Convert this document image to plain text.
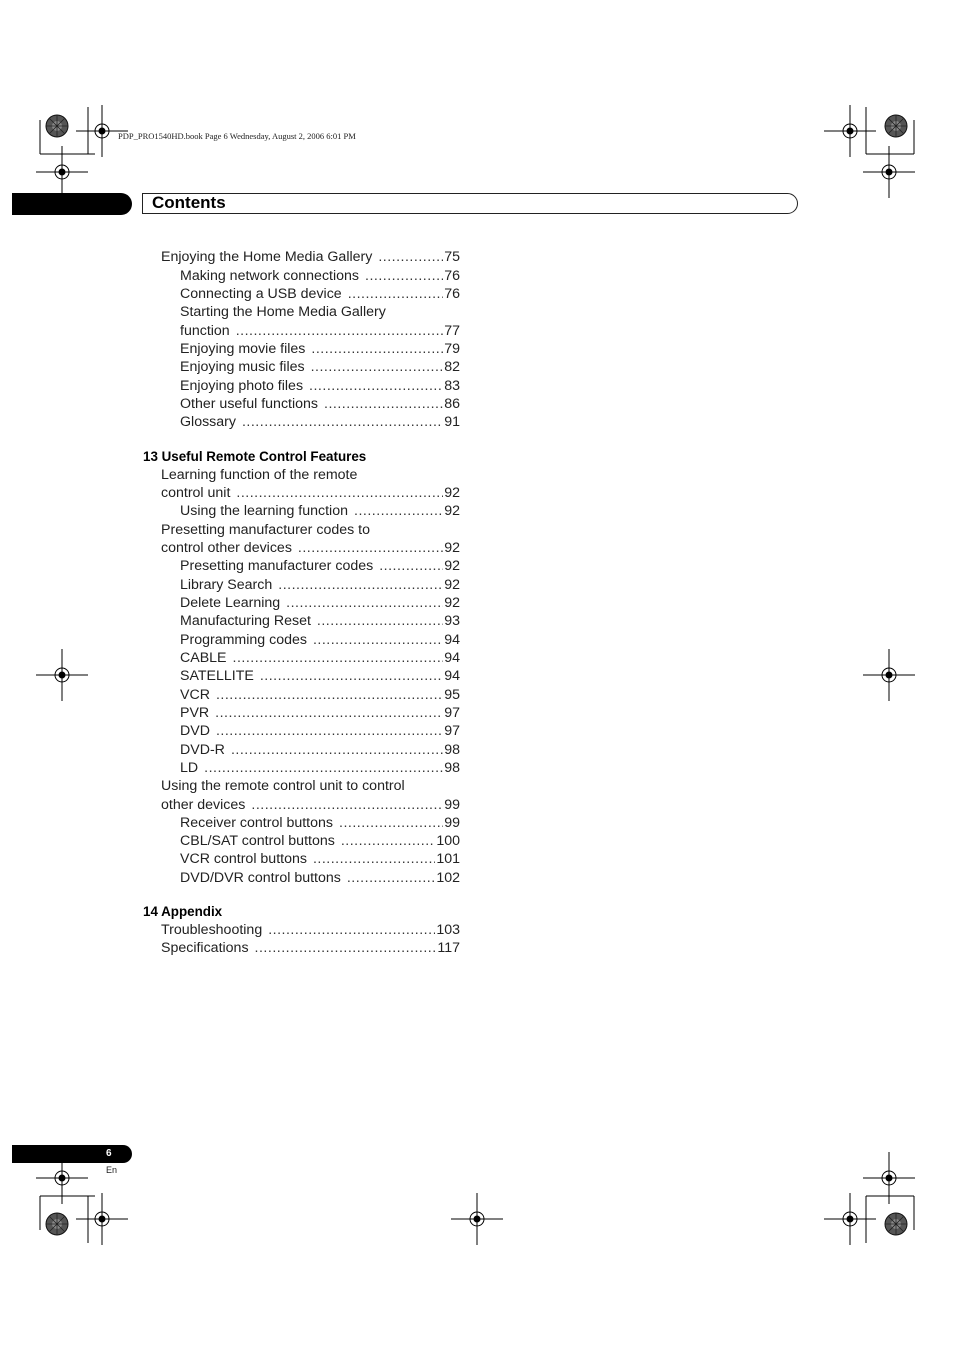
PDP_PRO1540HD.book Page 6 Wednesday, August 2, 2006 6:01 PM
Contents
Enjoying the Home Media Gallery .....	75
Making network connections .....	76
Connecting a USB device .....	76
Starting the Home Media Gallery
function .....	77
Enjoying movie files .....	79
Enjoying music files .....	82
Enjoying photo files .....	83
Other useful functions .....	86
Glossary .....	91
13 Useful Remote Control Features
Learning function of the remote
control unit .....	92
Using the learning function .....	92
Presetting manufacturer codes to
control other devices .....	92
Presetting manufacturer codes .....	92
Library Search .....	92
Delete Learning .....	92
Manufacturing Reset .....	93
Programming codes .....	94
CABLE .....	94
SATELLITE .....	94
VCR .....	95
PVR .....	97
DVD .....	97
DVD-R .....	98
LD .....	98
Using the remote control unit to control
other devices .....	99
Receiver control buttons .....	99
CBL/SAT control buttons .....	100
VCR control buttons .....	101
DVD/DVR control buttons .....	102
14 Appendix
Troubleshooting .....	103
Specifications .....	117
6
En
